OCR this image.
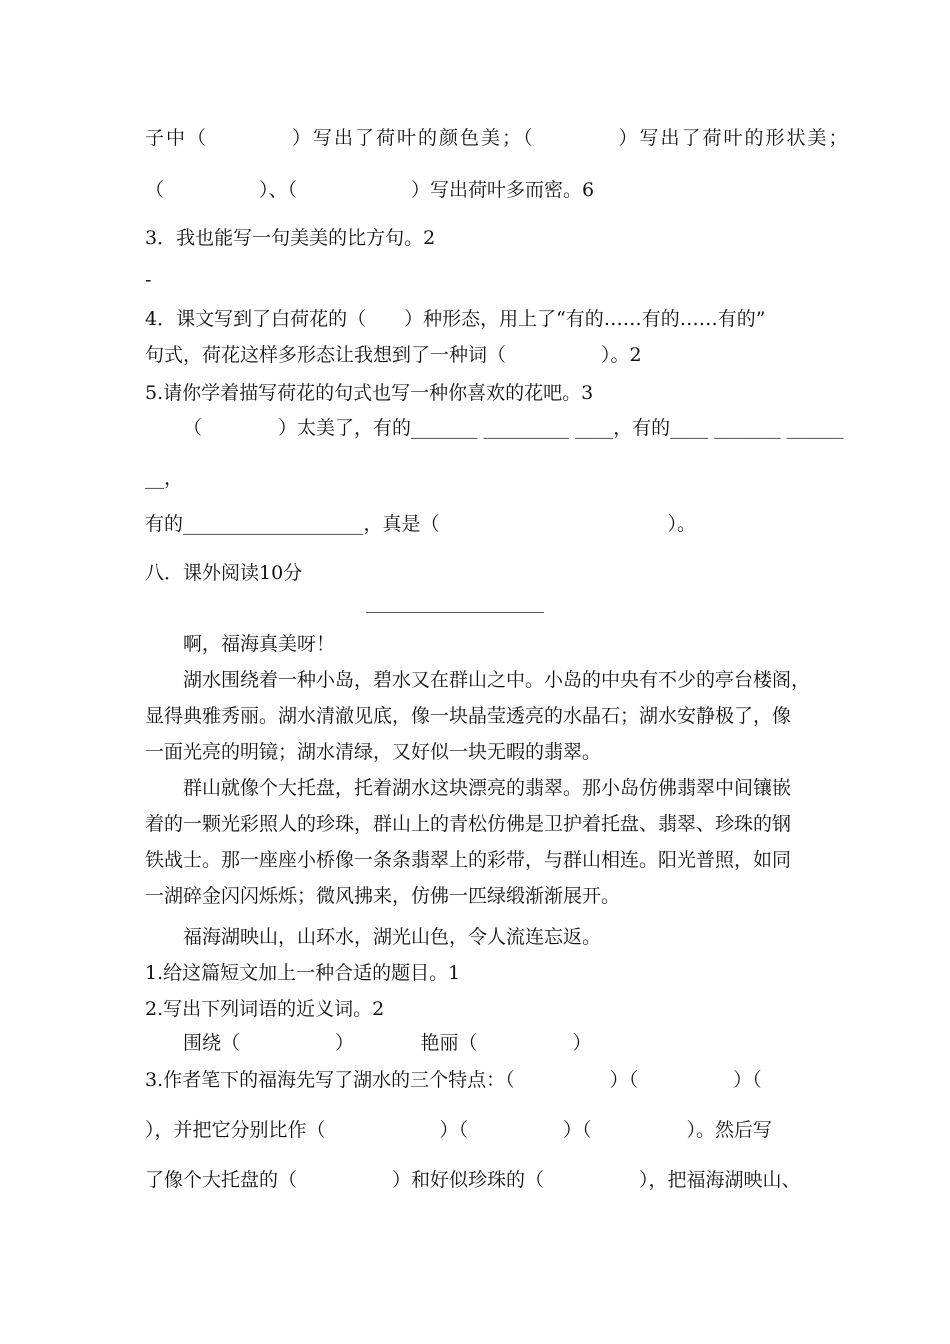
子中（　　　　）写出了荷叶的颜色美；（　　　　）写出了荷叶的形状美；
（　　　　　）、（　　　　　　）写出荷叶多而密。6
3．我也能写一句美美的比方句。2
-
4．课文写到了白荷花的（　　）种形态，用上了“有的……有的……有的”
句式，荷花这样多形态让我想到了一种词（　　　　　）。2
5.请你学着描写荷花的句式也写一种你喜欢的花吧。3
（　　　　）太美了，有的_______ _________ ____，有的____ _______ ______
__，
有的___________________，真是（　　　　　　　　　　　　）。
八．课外阅读10分
啊，福海真美呀！
湖水围绕着一种小岛，碧水又在群山之中。小岛的中央有不少的亭台楼阁，
显得典雅秀丽。湖水清澈见底，像一块晶莹透亮的水晶石；湖水安静极了，像
一面光亮的明镜；湖水清绿，又好似一块无暇的翡翠。
群山就像个大托盘，托着湖水这块漂亮的翡翠。那小岛仿佛翡翠中间镶嵌
着的一颗光彩照人的珍珠，群山上的青松仿佛是卫护着托盘、翡翠、珍珠的钢
铁战士。那一座座小桥像一条条翡翠上的彩带，与群山相连。阳光普照，如同
一湖碎金闪闪烁烁；微风拂来，仿佛一匹绿缎渐渐展开。
福海湖映山，山环水，湖光山色，令人流连忘返。
1.给这篇短文加上一种合适的题目。1
2.写出下列词语的近义词。2
围绕（　　　　　）　　　　艳丽（　　　　　）
3.作者笔下的福海先写了湖水的三个特点：（　　　　　）（　　　　　）（
），并把它分别比作（　　　　　　）（　　　　　）（　　　　　）。然后写
了像个大托盘的（　　　　　）和好似珍珠的（　　　　　），把福海湖映山、
